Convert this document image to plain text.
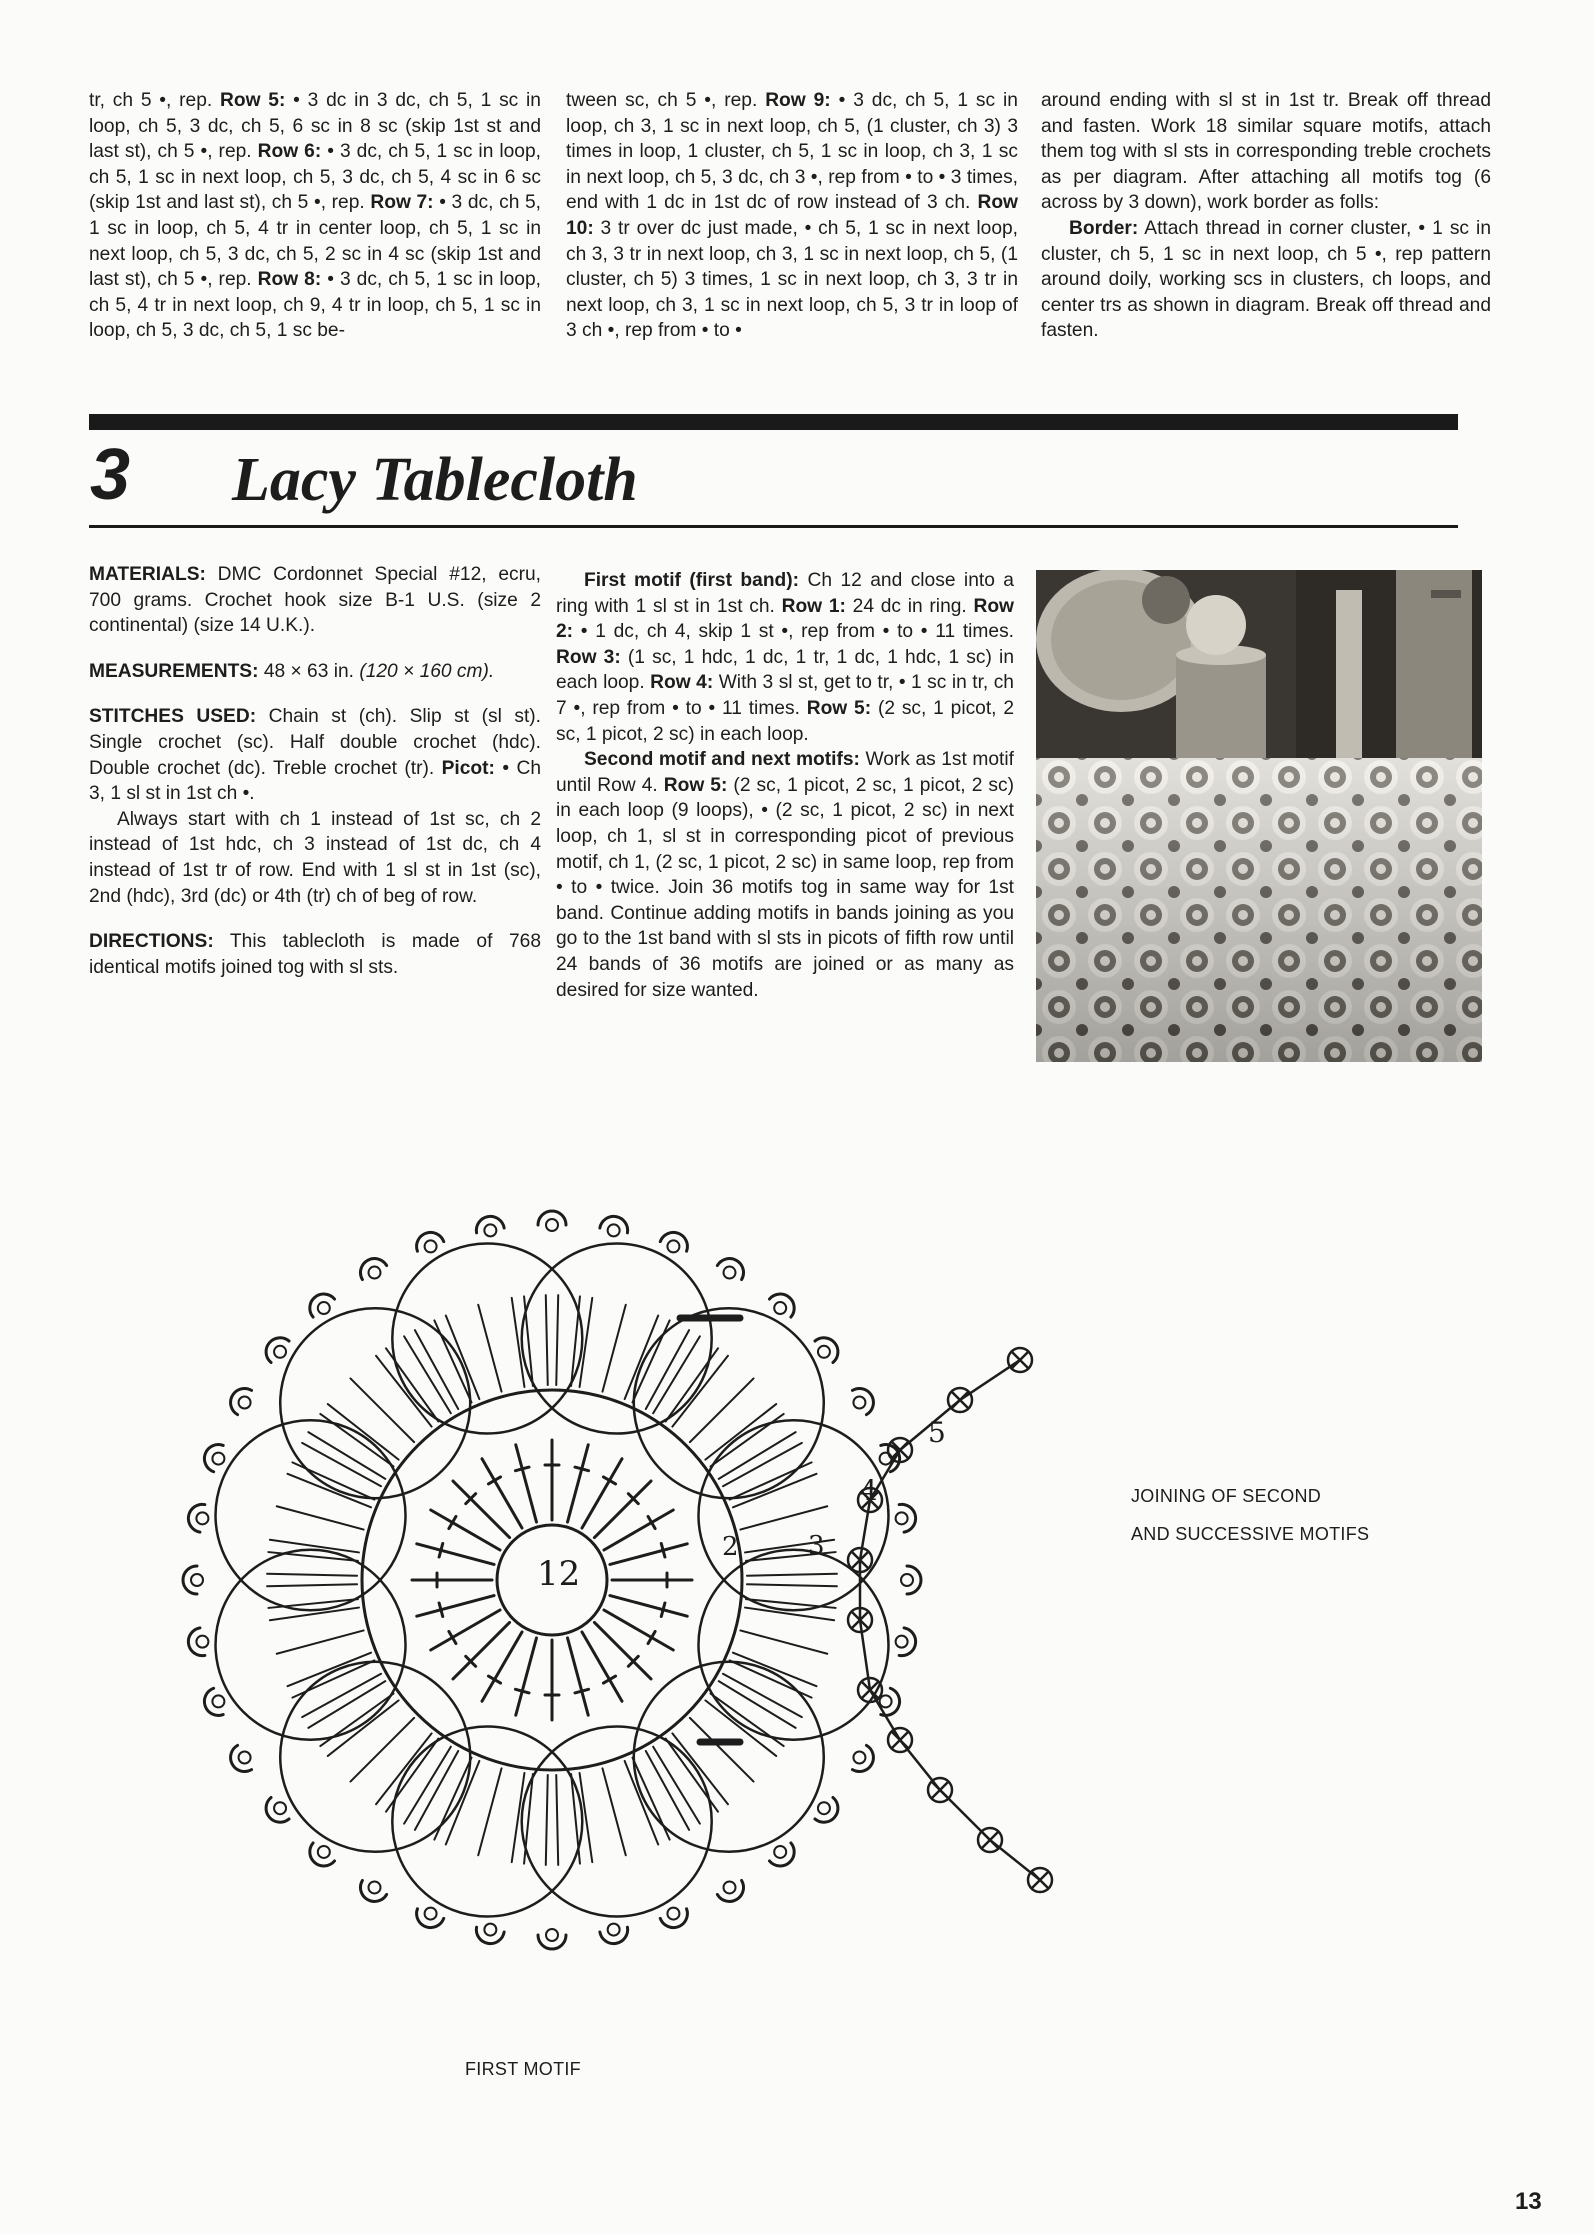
tr, ch 5 •, rep. Row 5: • 3 dc in 3 dc, ch 5, 1 sc in loop, ch 5, 3 dc, ch 5, 6 sc in 8 sc (skip 1st st and last st), ch 5 •, rep. Row 6: • 3 dc, ch 5, 1 sc in loop, ch 5, 1 sc in next loop, ch 5, 3 dc, ch 5, 4 sc in 6 sc (skip 1st and last st), ch 5 •, rep. Row 7: • 3 dc, ch 5, 1 sc in loop, ch 5, 4 tr in center loop, ch 5, 1 sc in next loop, ch 5, 3 dc, ch 5, 2 sc in 4 sc (skip 1st and last st), ch 5 •, rep. Row 8: • 3 dc, ch 5, 1 sc in loop, ch 5, 4 tr in next loop, ch 9, 4 tr in loop, ch 5, 1 sc in loop, ch 5, 3 dc, ch 5, 1 sc be-
tween sc, ch 5 •, rep. Row 9: • 3 dc, ch 5, 1 sc in loop, ch 3, 1 sc in next loop, ch 5, (1 cluster, ch 3) 3 times in loop, 1 cluster, ch 5, 1 sc in loop, ch 3, 1 sc in next loop, ch 5, 3 dc, ch 3 •, rep from • to • 3 times, end with 1 dc in 1st dc of row instead of 3 ch. Row 10: 3 tr over dc just made, • ch 5, 1 sc in next loop, ch 3, 3 tr in next loop, ch 3, 1 sc in next loop, ch 5, (1 cluster, ch 5) 3 times, 1 sc in next loop, ch 3, 3 tr in next loop, ch 3, 1 sc in next loop, ch 5, 3 tr in loop of 3 ch •, rep from • to •

around ending with sl st in 1st tr. Break off thread and fasten. Work 18 similar square motifs, attach them tog with sl sts in corresponding treble crochets as per diagram. After attaching all motifs tog (6 across by 3 down), work border as folls:

Border: Attach thread in corner cluster, • 1 sc in cluster, ch 5, 1 sc in next loop, ch 5 •, rep pattern around doily, working scs in clusters, ch loops, and center trs as shown in diagram. Break off thread and fasten.

3 Lacy Tablecloth

MATERIALS: DMC Cordonnet Special #12, ecru, 700 grams. Crochet hook size B-1 U.S. (size 2 continental) (size 14 U.K.).

MEASUREMENTS: 48 × 63 in. (120 × 160 cm).

STITCHES USED: Chain st (ch). Slip st (sl st). Single crochet (sc). Half double crochet (hdc). Double crochet (dc). Treble crochet (tr). Picot: • Ch 3, 1 sl st in 1st ch •.

Always start with ch 1 instead of 1st sc, ch 2 instead of 1st hdc, ch 3 instead of 1st dc, ch 4 instead of 1st tr of row. End with 1 sl st in 1st (sc), 2nd (hdc), 3rd (dc) or 4th (tr) ch of beg of row.

DIRECTIONS: This tablecloth is made of 768 identical motifs joined tog with sl sts.

First motif (first band): Ch 12 and close into a ring with 1 sl st in 1st ch. Row 1: 24 dc in ring. Row 2: • 1 dc, ch 4, skip 1 st •, rep from • to • 11 times. Row 3: (1 sc, 1 hdc, 1 dc, 1 tr, 1 dc, 1 hdc, 1 sc) in each loop. Row 4: With 3 sl st, get to tr, • 1 sc in tr, ch 7 •, rep from • to • 11 times. Row 5: (2 sc, 1 picot, 2 sc, 1 picot, 2 sc) in each loop.

Second motif and next motifs: Work as 1st motif until Row 4. Row 5: (2 sc, 1 picot, 2 sc, 1 picot, 2 sc) in each loop (9 loops), • (2 sc, 1 picot, 2 sc) in next loop, ch 1, sl st in corresponding picot of previous motif, ch 1, (2 sc, 1 picot, 2 sc) in same loop, rep from • to • twice. Join 36 motifs tog in same way for 1st band. Continue adding motifs in bands joining as you go to the 1st band with sl sts in picots of fifth row until 24 bands of 36 motifs are joined or as many as desired for size wanted.

12
2	3
4
5
JOINING OF SECOND
AND SUCCESSIVE MOTIFS
FIRST MOTIF
13
